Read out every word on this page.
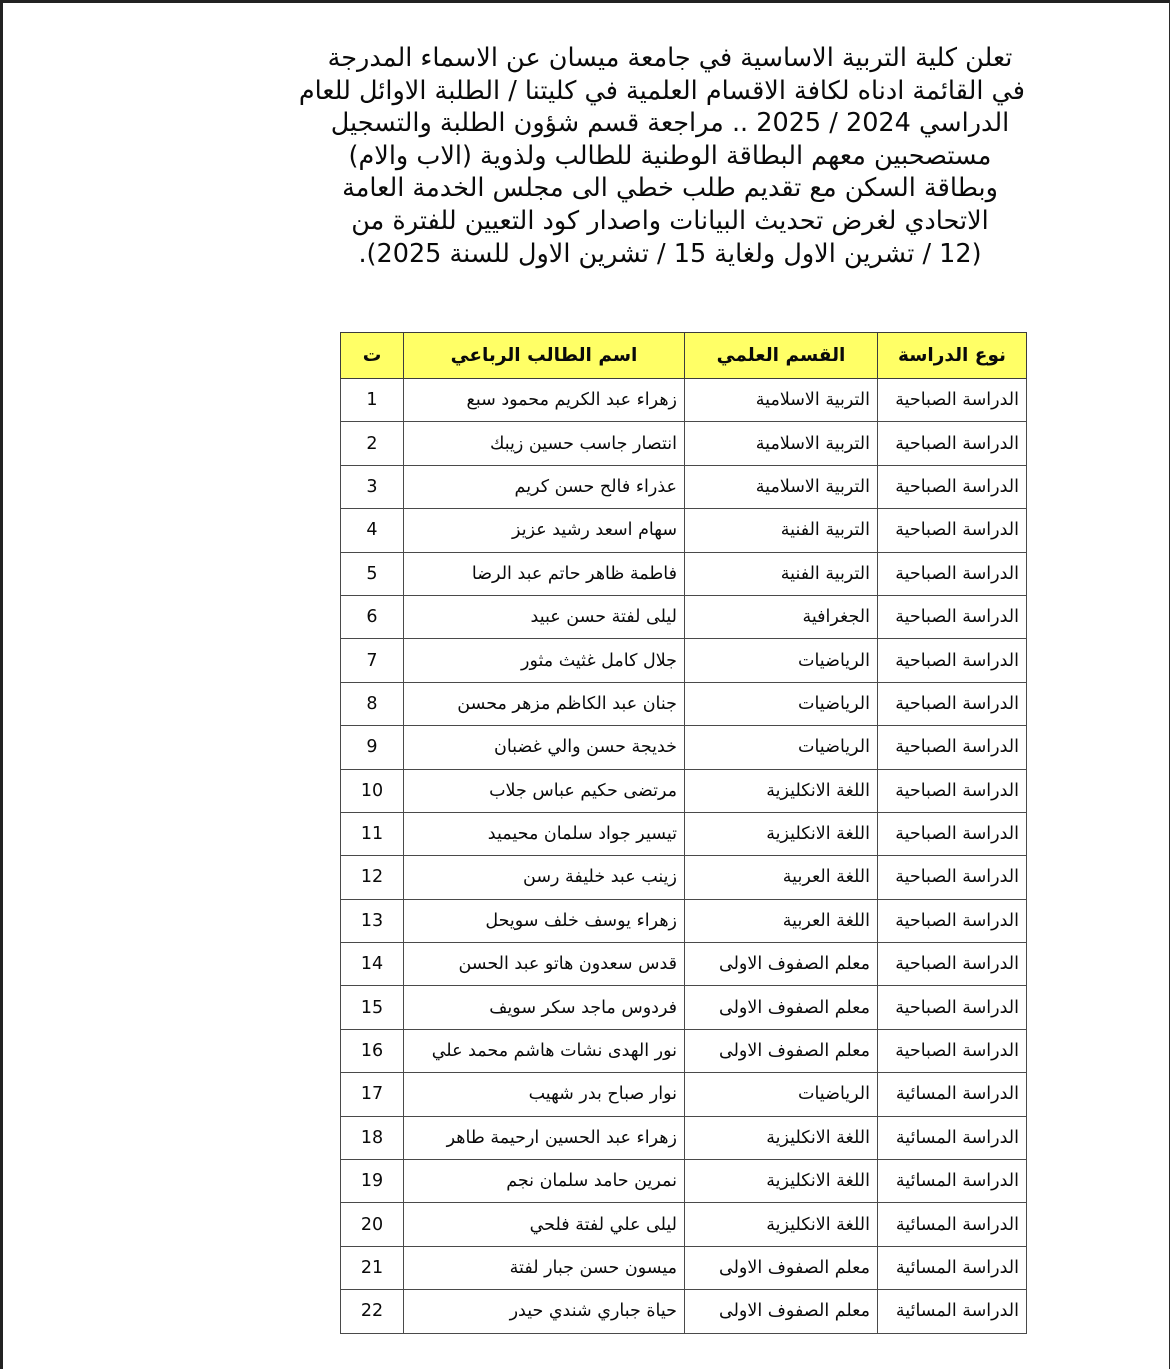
تعلن كلية التربية الاساسية في جامعة ميسان عن الاسماء المدرجة
في القائمة ادناه لكافة الاقسام العلمية في كليتنا / الطلبة الاوائل للعام
الدراسي 2024 / 2025 .. مراجعة قسم شؤون الطلبة والتسجيل
مستصحبين معهم البطاقة الوطنية للطالب ولذوية (الاب والام)
وبطاقة السكن مع تقديم طلب خطي الى مجلس الخدمة العامة
الاتحادي لغرض تحديث البيانات واصدار كود التعيين للفترة من
(12 / تشرين الاول ولغاية 15 / تشرين الاول للسنة 2025).
نوع الدراسة	القسم العلمي	اسم الطالب الرباعي	ت
الدراسة الصباحية	التربية الاسلامية	زهراء عبد الكريم محمود سبع	1
الدراسة الصباحية	التربية الاسلامية	انتصار جاسب حسين زيبك	2
الدراسة الصباحية	التربية الاسلامية	عذراء فالح حسن كريم	3
الدراسة الصباحية	التربية الفنية	سهام اسعد رشيد عزيز	4
الدراسة الصباحية	التربية الفنية	فاطمة ظاهر حاتم عبد الرضا	5
الدراسة الصباحية	الجغرافية	ليلى لفتة حسن عبيد	6
الدراسة الصباحية	الرياضيات	جلال كامل غثيث مثور	7
الدراسة الصباحية	الرياضيات	جنان عبد الكاظم مزهر محسن	8
الدراسة الصباحية	الرياضيات	خديجة حسن والي غضبان	9
الدراسة الصباحية	اللغة الانكليزية	مرتضى حكيم عباس جلاب	10
الدراسة الصباحية	اللغة الانكليزية	تيسير جواد سلمان محيميد	11
الدراسة الصباحية	اللغة العربية	زينب عبد خليفة رسن	12
الدراسة الصباحية	اللغة العربية	زهراء يوسف خلف سويحل	13
الدراسة الصباحية	معلم الصفوف الاولى	قدس سعدون هاتو عبد الحسن	14
الدراسة الصباحية	معلم الصفوف الاولى	فردوس ماجد سكر سويف	15
الدراسة الصباحية	معلم الصفوف الاولى	نور الهدى نشات هاشم محمد علي	16
الدراسة المسائية	الرياضيات	نوار صباح بدر شهيب	17
الدراسة المسائية	اللغة الانكليزية	زهراء عبد الحسين ارحيمة طاهر	18
الدراسة المسائية	اللغة الانكليزية	نمرين حامد سلمان نجم	19
الدراسة المسائية	اللغة الانكليزية	ليلى علي لفتة فلحي	20
الدراسة المسائية	معلم الصفوف الاولى	ميسون حسن جبار لفتة	21
الدراسة المسائية	معلم الصفوف الاولى	حياة جباري شندي حيدر	22
